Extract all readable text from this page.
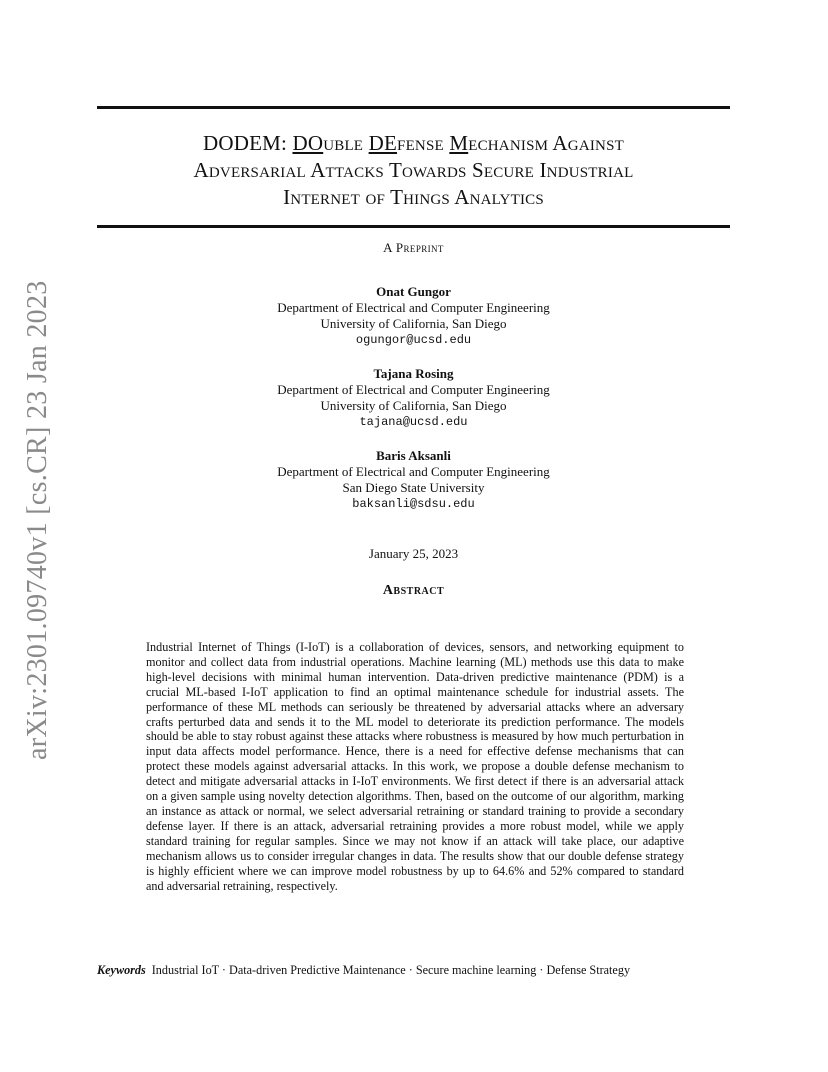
arXiv:2301.09740v1 [cs.CR] 23 Jan 2023
DODEM: DOuble DEfense Mechanism Against
Adversarial Attacks Towards Secure Industrial
Internet of Things Analytics
A Preprint
Onat Gungor
Department of Electrical and Computer Engineering
University of California, San Diego
ogungor@ucsd.edu
Tajana Rosing
Department of Electrical and Computer Engineering
University of California, San Diego
tajana@ucsd.edu
Baris Aksanli
Department of Electrical and Computer Engineering
San Diego State University
baksanli@sdsu.edu
January 25, 2023
Abstract
Industrial Internet of Things (I-IoT) is a collaboration of devices, sensors, and networking equipment to monitor and collect data from industrial operations. Machine learning (ML) methods use this data to make high-level decisions with minimal human intervention. Data-driven predictive maintenance (PDM) is a crucial ML-based I-IoT application to find an optimal maintenance schedule for industrial assets. The performance of these ML methods can seriously be threatened by adversarial attacks where an adversary crafts perturbed data and sends it to the ML model to deteriorate its prediction performance. The models should be able to stay robust against these attacks where robustness is measured by how much perturbation in input data affects model performance. Hence, there is a need for effective defense mechanisms that can protect these models against adversarial attacks. In this work, we propose a double defense mechanism to detect and mitigate adversarial attacks in I-IoT environments. We first detect if there is an adversarial attack on a given sample using novelty detection algorithms. Then, based on the outcome of our algorithm, marking an instance as attack or normal, we select adversarial retraining or standard training to provide a secondary defense layer. If there is an attack, adversarial retraining provides a more robust model, while we apply standard training for regular samples. Since we may not know if an attack will take place, our adaptive mechanism allows us to consider irregular changes in data. The results show that our double defense strategy is highly efficient where we can improve model robustness by up to 64.6% and 52% compared to standard and adversarial retraining, respectively.
Keywords Industrial IoT · Data-driven Predictive Maintenance · Secure machine learning · Defense Strategy
